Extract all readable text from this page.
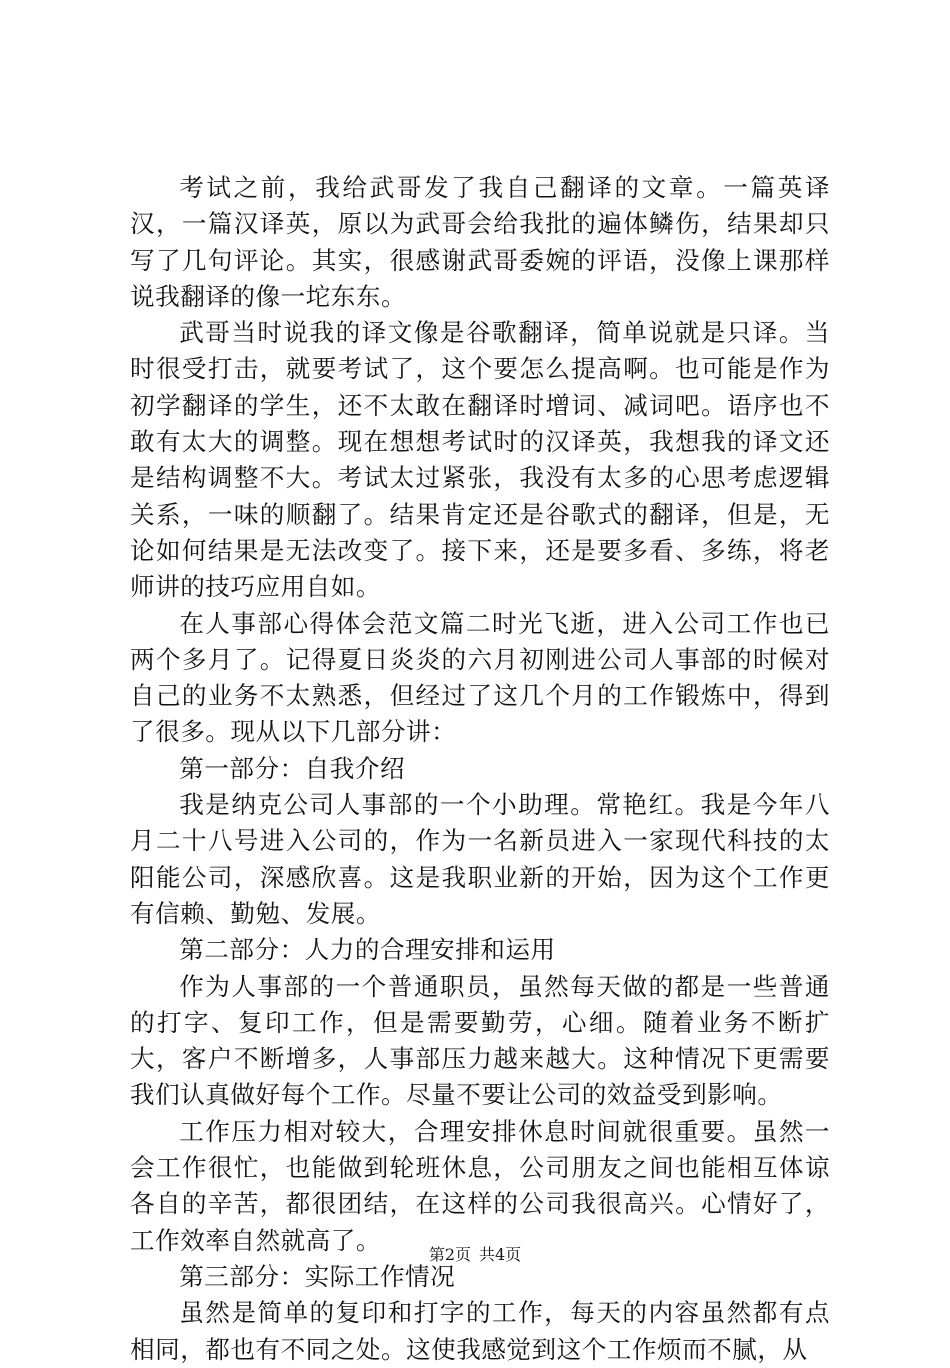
考试之前，我给武哥发了我自己翻译的文章。一篇英译汉，一篇汉译英，原以为武哥会给我批的遍体鳞伤，结果却只写了几句评论。其实，很感谢武哥委婉的评语，没像上课那样说我翻译的像一坨东东。

武哥当时说我的译文像是谷歌翻译，简单说就是只译。当时很受打击，就要考试了，这个要怎么提高啊。也可能是作为初学翻译的学生，还不太敢在翻译时增词、减词吧。语序也不敢有太大的调整。现在想想考试时的汉译英，我想我的译文还是结构调整不大。考试太过紧张，我没有太多的心思考虑逻辑关系，一味的顺翻了。结果肯定还是谷歌式的翻译，但是，无论如何结果是无法改变了。接下来，还是要多看、多练，将老师讲的技巧应用自如。

在人事部心得体会范文篇二时光飞逝，进入公司工作也已两个多月了。记得夏日炎炎的六月初刚进公司人事部的时候对自己的业务不太熟悉，但经过了这几个月的工作锻炼中，得到了很多。现从以下几部分讲：

第一部分：自我介绍

我是纳克公司人事部的一个小助理。常艳红。我是今年八月二十八号进入公司的，作为一名新员进入一家现代科技的太阳能公司，深感欣喜。这是我职业新的开始，因为这个工作更有信赖、勤勉、发展。

第二部分：人力的合理安排和运用

作为人事部的一个普通职员，虽然每天做的都是一些普通的打字、复印工作，但是需要勤劳，心细。随着业务不断扩大，客户不断增多，人事部压力越来越大。这种情况下更需要我们认真做好每个工作。尽量不要让公司的效益受到影响。

工作压力相对较大，合理安排休息时间就很重要。虽然一会工作很忙，也能做到轮班休息，公司朋友之间也能相互体谅各自的辛苦，都很团结，在这样的公司我很高兴。心情好了，工作效率自然就高了。

第三部分：实际工作情况

虽然是简单的复印和打字的工作，每天的内容虽然都有点相同，都也有不同之处。这使我感觉到这个工作烦而不腻，从

第2页 共4页
